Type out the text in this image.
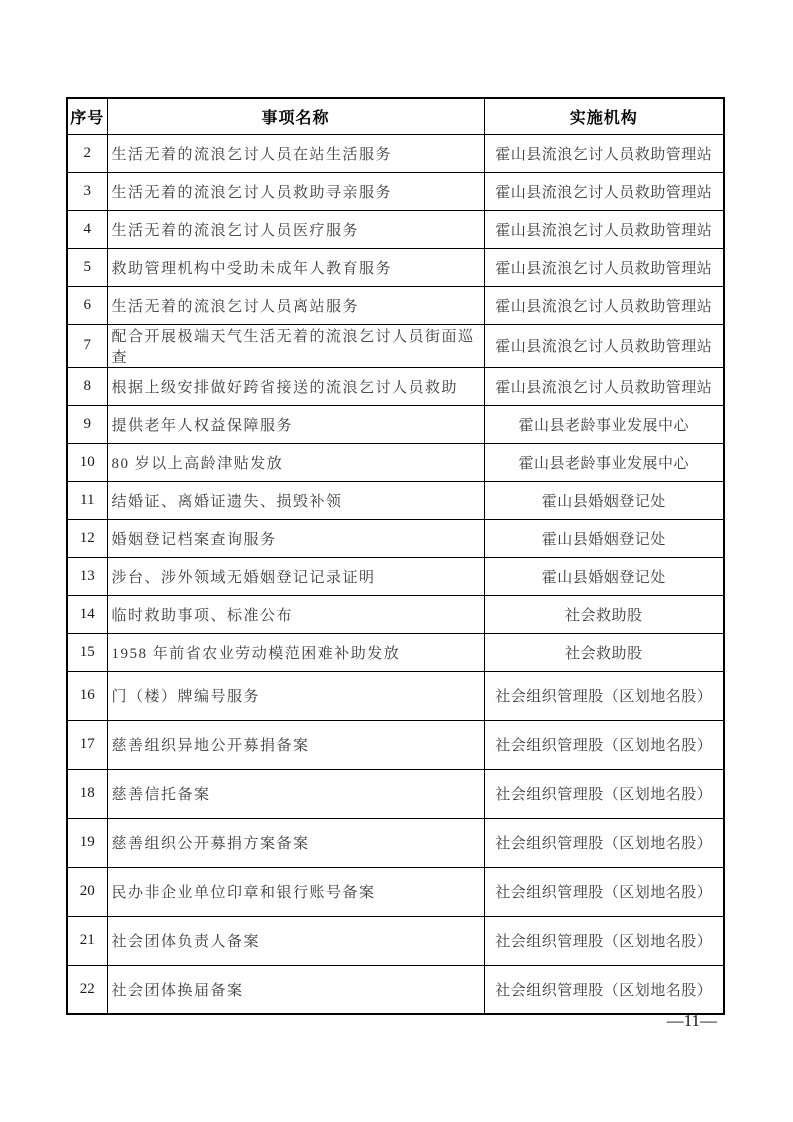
序号	事项名称	实施机构
2	生活无着的流浪乞讨人员在站生活服务	霍山县流浪乞讨人员救助管理站
3	生活无着的流浪乞讨人员救助寻亲服务	霍山县流浪乞讨人员救助管理站
4	生活无着的流浪乞讨人员医疗服务	霍山县流浪乞讨人员救助管理站
5	救助管理机构中受助未成年人教育服务	霍山县流浪乞讨人员救助管理站
6	生活无着的流浪乞讨人员离站服务	霍山县流浪乞讨人员救助管理站
7	配合开展极端天气生活无着的流浪乞讨人员街面巡查	霍山县流浪乞讨人员救助管理站
8	根据上级安排做好跨省接送的流浪乞讨人员救助	霍山县流浪乞讨人员救助管理站
9	提供老年人权益保障服务	霍山县老龄事业发展中心
10	80 岁以上高龄津贴发放	霍山县老龄事业发展中心
11	结婚证、离婚证遗失、损毁补领	霍山县婚姻登记处
12	婚姻登记档案查询服务	霍山县婚姻登记处
13	涉台、涉外领域无婚姻登记记录证明	霍山县婚姻登记处
14	临时救助事项、标准公布	社会救助股
15	1958 年前省农业劳动模范困难补助发放	社会救助股
16	门（楼）牌编号服务	社会组织管理股（区划地名股）
17	慈善组织异地公开募捐备案	社会组织管理股（区划地名股）
18	慈善信托备案	社会组织管理股（区划地名股）
19	慈善组织公开募捐方案备案	社会组织管理股（区划地名股）
20	民办非企业单位印章和银行账号备案	社会组织管理股（区划地名股）
21	社会团体负责人备案	社会组织管理股（区划地名股）
22	社会团体换届备案	社会组织管理股（区划地名股）
—11—
